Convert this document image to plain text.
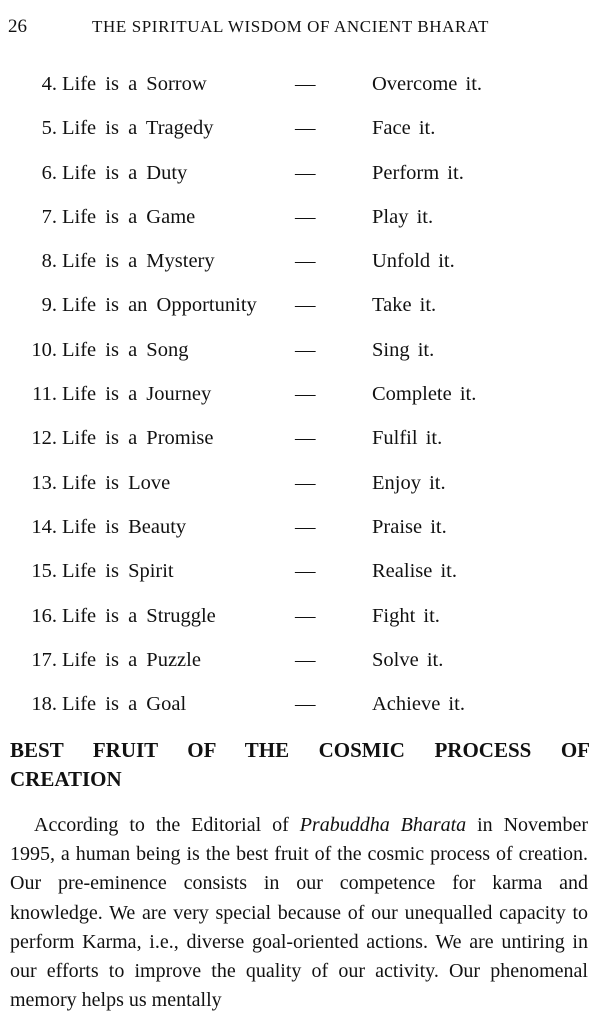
26	THE SPIRITUAL WISDOM OF ANCIENT BHARAT
4. Life is a Sorrow	—	Overcome it.
5. Life is a Tragedy	—	Face it.
6. Life is a Duty	—	Perform it.
7. Life is a Game	—	Play it.
8. Life is a Mystery	—	Unfold it.
9. Life is an Opportunity —	Take it.
10. Life is a Song	—	Sing it.
11. Life is a Journey	—	Complete it.
12. Life is a Promise	—	Fulfil it.
13. Life is Love	—	Enjoy it.
14. Life is Beauty	—	Praise it.
15. Life is Spirit	—	Realise it.
16. Life is a Struggle	—	Fight it.
17. Life is a Puzzle	—	Solve it.
18. Life is a Goal	—	Achieve it.
BEST FRUIT OF THE COSMIC PROCESS OF CREATION

According to the Editorial of Prabuddha Bharata in November 1995, a human being is the best fruit of the cosmic process of creation. Our pre-eminence consists in our competence for karma and knowledge. We are very special because of our unequalled capacity to perform Karma, i.e., diverse goal-oriented actions. We are untiring in our efforts to improve the quality of our activity. Our phenomenal memory helps us mentally
